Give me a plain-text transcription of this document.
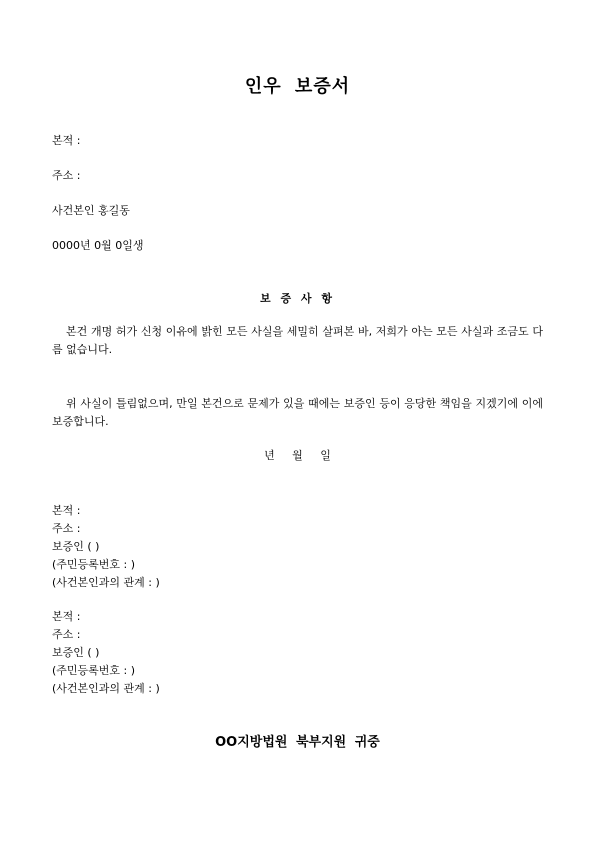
인우 보증서
본적 :
주소 :
사건본인 홍길동
0000년 0월 0일생
보 증 사 항
본건 개명 허가 신청 이유에 밝힌 모든 사실을 세밀히 살펴본 바, 저희가 아는 모든 사실과 조금도 다름 없습니다.
위 사실이 틀림없으며, 만일 본건으로 문제가 있을 때에는 보증인 등이 응당한 책임을 지겠기에 이에 보증합니다.
년 월 일
본적 :
주소 :
보증인 ( )
(주민등록번호 : )
(사건본인과의 관계 : )
본적 :
주소 :
보증인 ( )
(주민등록번호 : )
(사건본인과의 관계 : )
OO지방법원 북부지원 귀중
